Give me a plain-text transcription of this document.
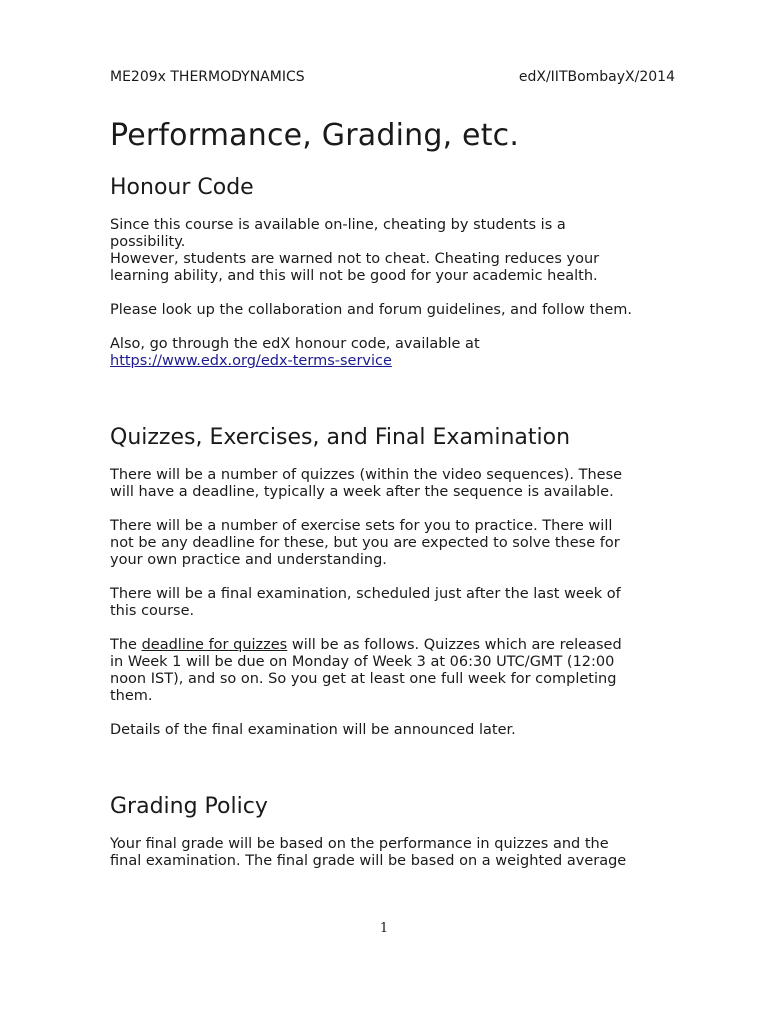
ME209x THERMODYNAMICS	edX/IITBombayX/2014
Performance, Grading, etc.
Honour Code

Since this course is available on-line, cheating by students is a
possibility.
However, students are warned not to cheat. Cheating reduces your
learning ability, and this will not be good for your academic health.

Please look up the collaboration and forum guidelines, and follow them.

Also, go through the edX honour code, available at
https://www.edx.org/edx-terms-service

Quizzes, Exercises, and Final Examination

There will be a number of quizzes (within the video sequences). These
will have a deadline, typically a week after the sequence is available.

There will be a number of exercise sets for you to practice. There will
not be any deadline for these, but you are expected to solve these for
your own practice and understanding.

There will be a final examination, scheduled just after the last week of
this course.

The deadline for quizzes will be as follows. Quizzes which are released
in Week 1 will be due on Monday of Week 3 at 06:30 UTC/GMT (12:00
noon IST), and so on. So you get at least one full week for completing
them.

Details of the final examination will be announced later.

Grading Policy

Your final grade will be based on the performance in quizzes and the
final examination. The final grade will be based on a weighted average

1
